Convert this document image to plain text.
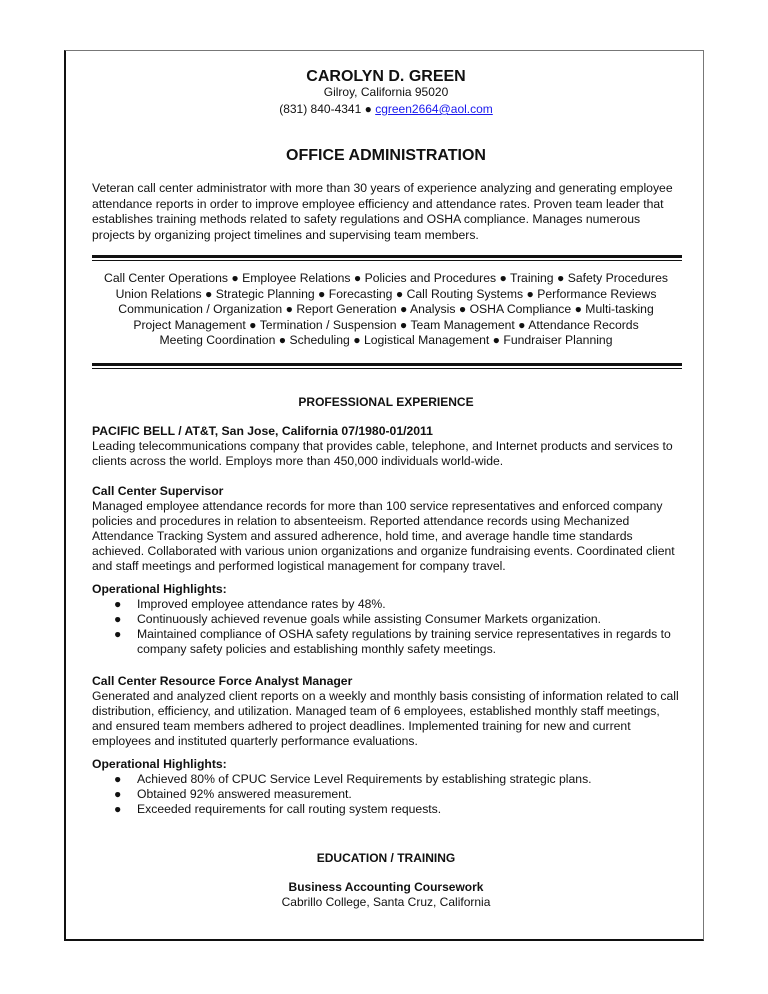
CAROLYN D. GREEN
Gilroy, California 95020
(831) 840-4341 ● cgreen2664@aol.com
OFFICE ADMINISTRATION
Veteran call center administrator with more than 30 years of experience analyzing and generating employee attendance reports in order to improve employee efficiency and attendance rates. Proven team leader that establishes training methods related to safety regulations and OSHA compliance. Manages numerous projects by organizing project timelines and supervising team members.
Call Center Operations ● Employee Relations ● Policies and Procedures ● Training ● Safety Procedures
Union Relations ● Strategic Planning ● Forecasting ● Call Routing Systems ● Performance Reviews
Communication / Organization ● Report Generation ● Analysis ● OSHA Compliance ● Multi-tasking
Project Management ● Termination / Suspension ● Team Management ● Attendance Records
Meeting Coordination ● Scheduling ● Logistical Management ● Fundraiser Planning
PROFESSIONAL EXPERIENCE
PACIFIC BELL / AT&T, San Jose, California 07/1980-01/2011
Leading telecommunications company that provides cable, telephone, and Internet products and services to clients across the world. Employs more than 450,000 individuals world-wide.
Call Center Supervisor
Managed employee attendance records for more than 100 service representatives and enforced company policies and procedures in relation to absenteeism. Reported attendance records using Mechanized Attendance Tracking System and assured adherence, hold time, and average handle time standards achieved. Collaborated with various union organizations and organize fundraising events. Coordinated client and staff meetings and performed logistical management for company travel.
Operational Highlights:
● Improved employee attendance rates by 48%.
● Continuously achieved revenue goals while assisting Consumer Markets organization.
● Maintained compliance of OSHA safety regulations by training service representatives in regards to company safety policies and establishing monthly safety meetings.
Call Center Resource Force Analyst Manager
Generated and analyzed client reports on a weekly and monthly basis consisting of information related to call distribution, efficiency, and utilization. Managed team of 6 employees, established monthly staff meetings, and ensured team members adhered to project deadlines. Implemented training for new and current employees and instituted quarterly performance evaluations.
Operational Highlights:
● Achieved 80% of CPUC Service Level Requirements by establishing strategic plans.
● Obtained 92% answered measurement.
● Exceeded requirements for call routing system requests.
EDUCATION / TRAINING
Business Accounting Coursework
Cabrillo College, Santa Cruz, California
